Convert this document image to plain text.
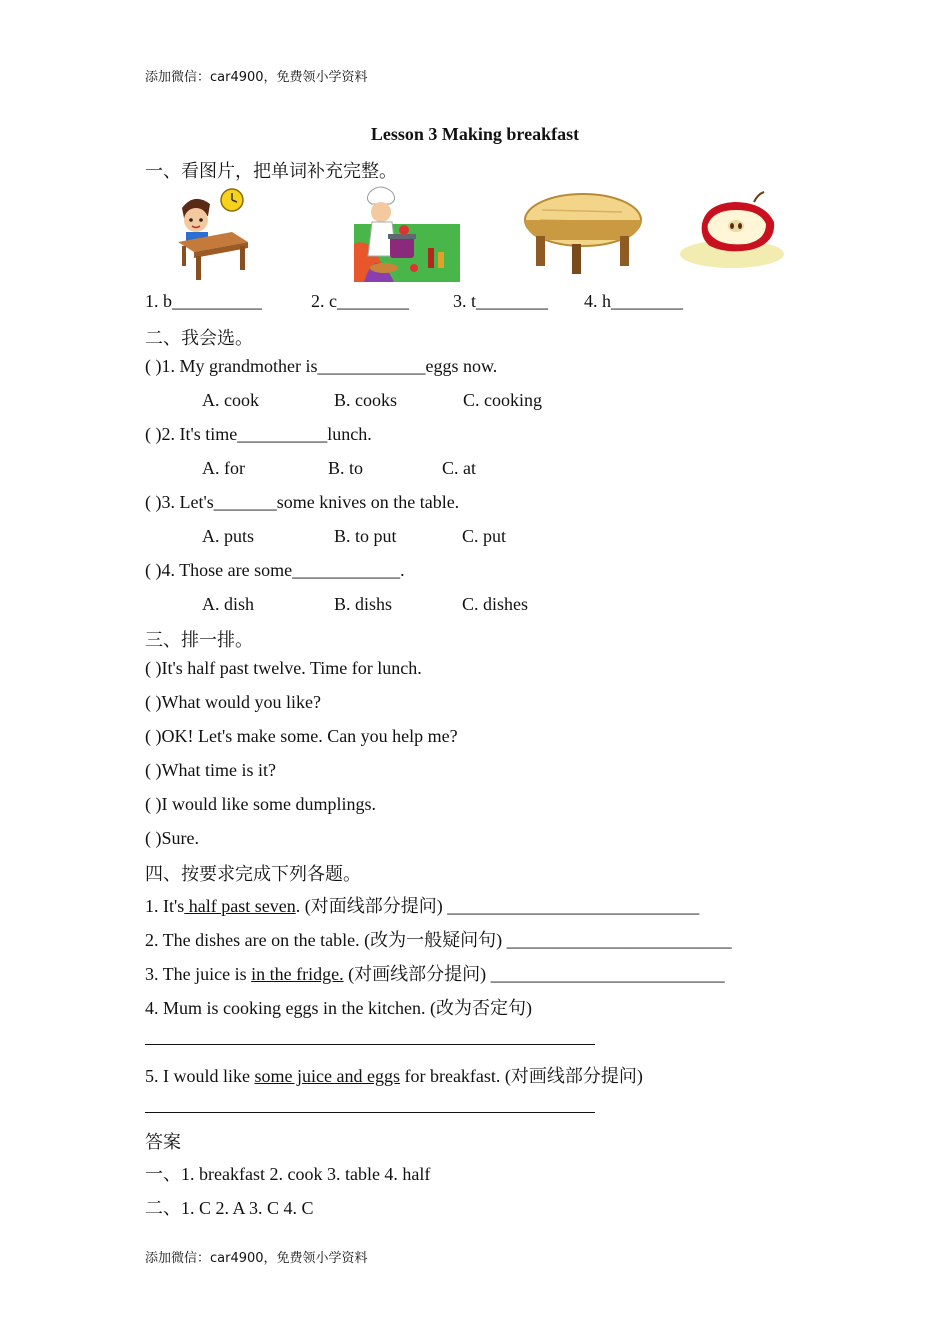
添加微信：car4900，免费领小学资料
Lesson 3 Making breakfast
一、看图片，把单词补充完整。
1. b__________	2. c________ 3. t________ 4. h________
二、我会选。
( )1. My grandmother is____________eggs now.
A. cook	B. cooks	C. cooking
( )2. It's time__________lunch.
A. for	B. to	C. at
( )3. Let's_______some knives on the table.
A. puts	B. to put	C. put
( )4. Those are some____________.
A. dish	B. dishs	C. dishes
三、排一排。
( )It's half past twelve. Time for lunch.
( )What would you like?
( )OK! Let's make some. Can you help me?
( )What time is it?
( )I would like some dumplings.
( )Sure.
四、按要求完成下列各题。
1. It's half past seven. (对面线部分提问) ____________________________
2. The dishes are on the table. (改为一般疑问句) _________________________
3. The juice is in the fridge. (对画线部分提问) __________________________
4. Mum is cooking eggs in the kitchen. (改为否定句)
5. I would like some juice and eggs for breakfast. (对画线部分提问)
答案
一、1. breakfast 2. cook 3. table 4. half
二、1. C 2. A 3. C 4. C
添加微信：car4900，免费领小学资料
